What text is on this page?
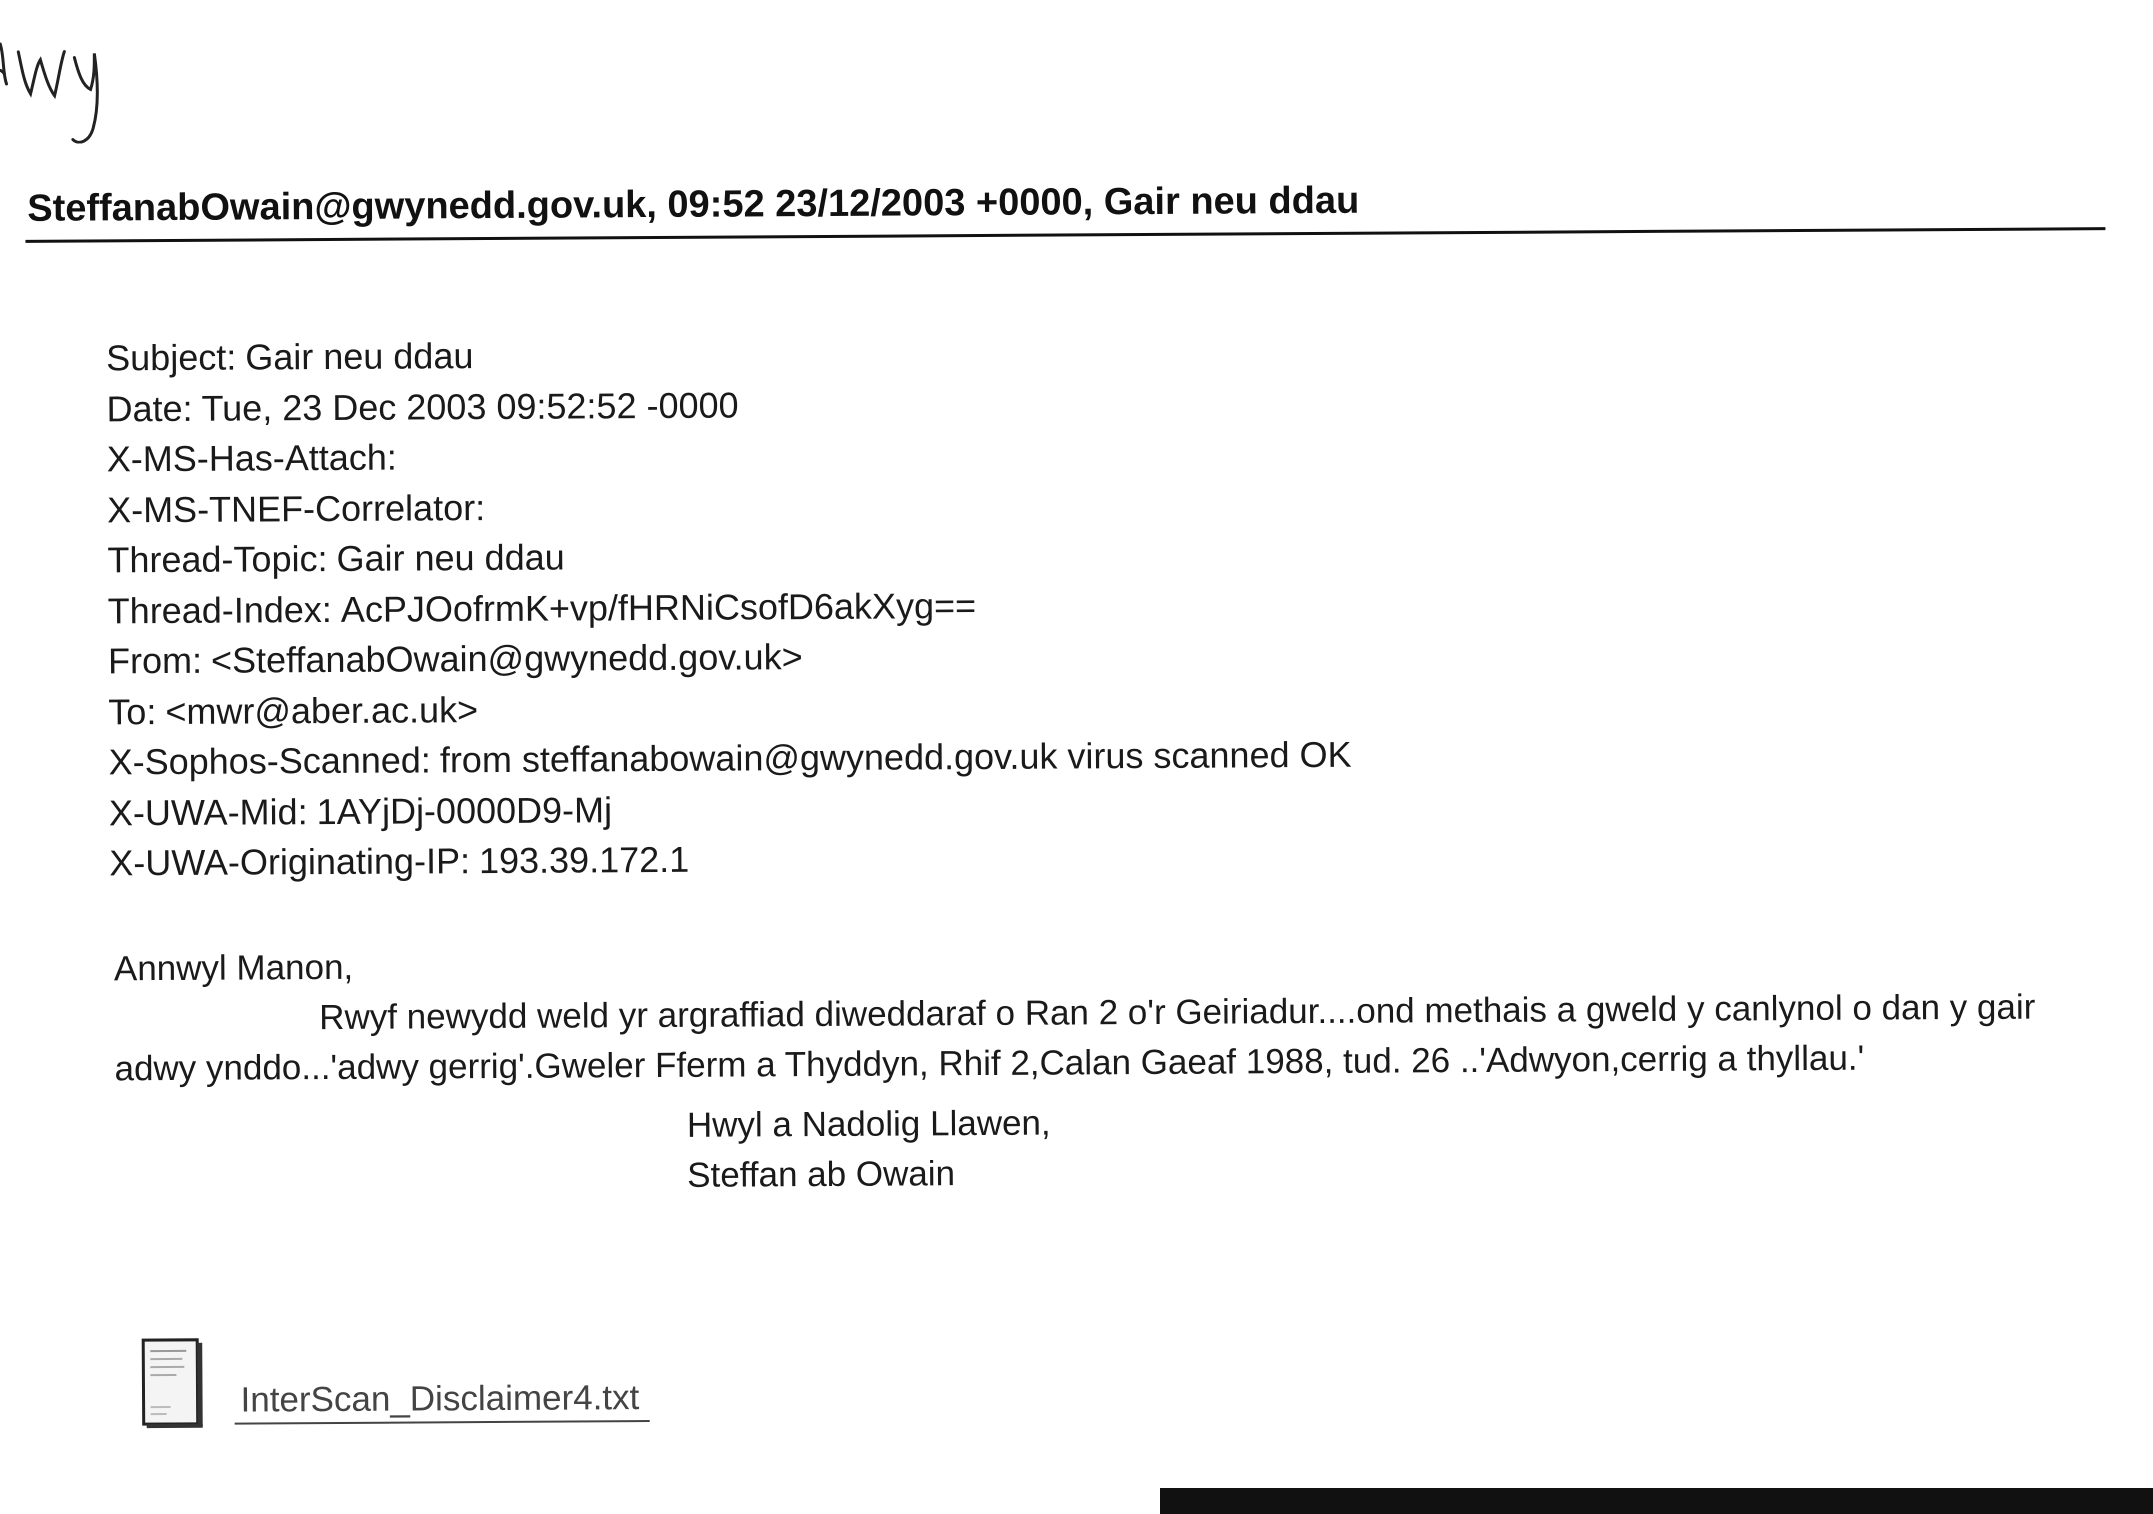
SteffanabOwain@gwynedd.gov.uk, 09:52 23/12/2003 +0000, Gair neu ddau
Subject: Gair neu ddau
Date: Tue, 23 Dec 2003 09:52:52 -0000
X-MS-Has-Attach:
X-MS-TNEF-Correlator:
Thread-Topic: Gair neu ddau
Thread-Index: AcPJOofrmK+vp/fHRNiCsofD6akXyg==
From: <SteffanabOwain@gwynedd.gov.uk>
To: <mwr@aber.ac.uk>
X-Sophos-Scanned: from steffanabowain@gwynedd.gov.uk virus scanned OK
X-UWA-Mid: 1AYjDj-0000D9-Mj
X-UWA-Originating-IP: 193.39.172.1
Annwyl Manon,

Rwyf newydd weld yr argraffiad diweddaraf o Ran 2 o'r Geiriadur....ond methais a gweld y canlynol o dan y gair adwy ynddo...'adwy gerrig'.Gweler Fferm a Thyddyn, Rhif 2,Calan Gaeaf 1988, tud. 26 ..'Adwyon,cerrig a thyllau.'

Hwyl a Nadolig Llawen,
Steffan ab Owain
InterScan_Disclaimer4.txt
